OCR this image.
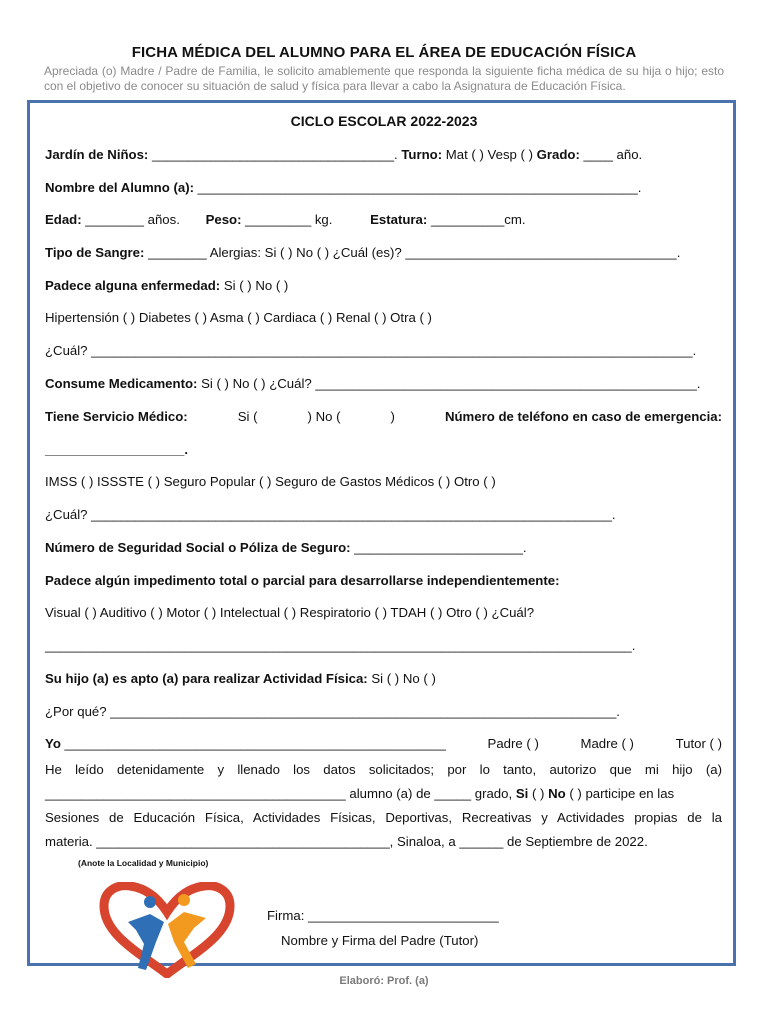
FICHA MÉDICA DEL ALUMNO PARA EL ÁREA DE EDUCACIÓN FÍSICA
Apreciada (o) Madre / Padre de Familia, le solicito amablemente que responda la siguiente ficha médica de su hija o hijo; esto con el objetivo de conocer su situación de salud y física para llevar a cabo la Asignatura de Educación Física.
CICLO ESCOLAR 2022-2023
Jardín de Niños: _________________________________. Turno: Mat ( ) Vesp ( ) Grado: ____ año.
Nombre del Alumno (a): ____________________________________________________________.
Edad: ________ años. Peso: _________ kg.	Estatura: __________cm.
Tipo de Sangre: ________ Alergias: Si ( ) No ( ) ¿Cuál (es)? _____________________________________.
Padece alguna enfermedad: Si ( ) No ( )
Hipertensión ( ) Diabetes ( ) Asma ( ) Cardiaca ( ) Renal ( ) Otra ( )
¿Cuál? __________________________________________________________________________________.
Consume Medicamento: Si ( ) No ( ) ¿Cuál? ____________________________________________________.
Tiene Servicio Médico:	Si (	) No (	)	Número de teléfono en caso de emergencia:
___________________.
IMSS ( ) ISSSTE ( ) Seguro Popular ( ) Seguro de Gastos Médicos ( ) Otro ( )
¿Cuál? _______________________________________________________________________.
Número de Seguridad Social o Póliza de Seguro: _______________________.
Padece algún impedimento total o parcial para desarrollarse independientemente:
Visual ( ) Auditivo ( ) Motor ( ) Intelectual ( ) Respiratorio ( ) TDAH ( ) Otro ( ) ¿Cuál?
________________________________________________________________________________.
Su hijo (a) es apto (a) para realizar Actividad Física: Si ( ) No ( )
¿Por qué? _____________________________________________________________________.
Yo ____________________________________________________	Padre ( )	Madre ( )	Tutor ( )
He leído detenidamente y llenado los datos solicitados; por lo tanto, autorizo que mi hijo (a)
_________________________________________ alumno (a) de _____ grado, Si ( ) No ( ) participe en las
Sesiones de Educación Física, Actividades Físicas, Deportivas, Recreativas y Actividades propias de la
materia. ________________________________________, Sinaloa, a ______ de Septiembre de 2022.
(Anote la Localidad y Municipio)
Firma: __________________________
Nombre y Firma del Padre (Tutor)
Elaboró: Prof. (a)
